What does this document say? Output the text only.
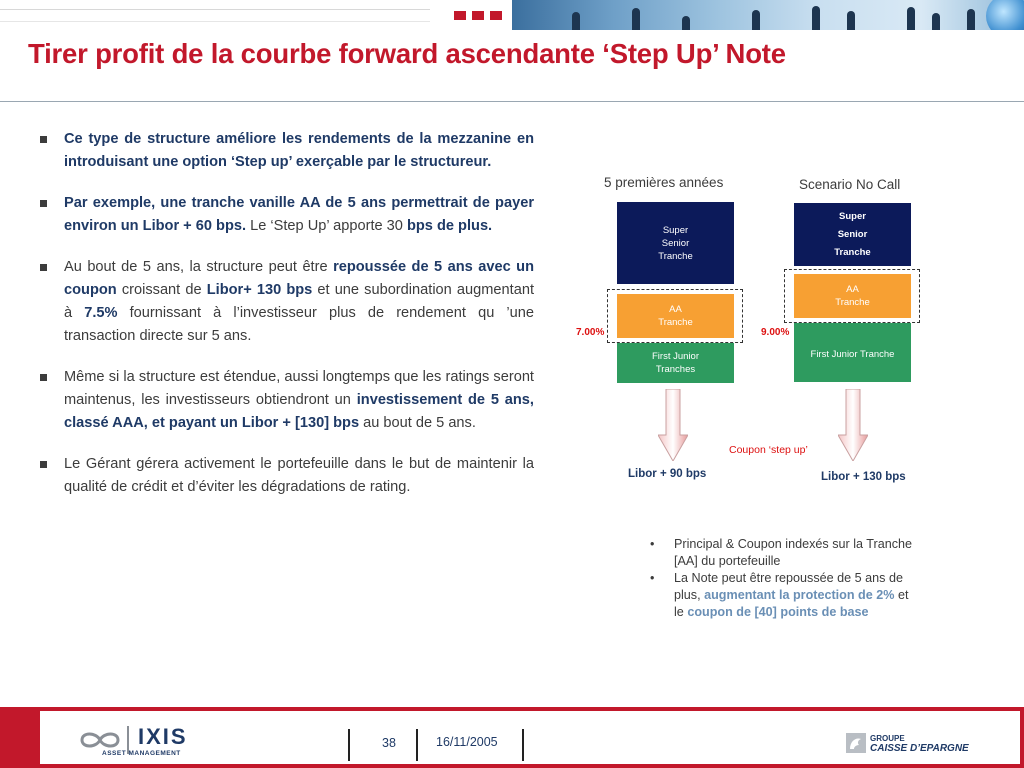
Tirer profit de la courbe forward ascendante ‘Step Up’ Note
Ce type de structure améliore les rendements de la mezzanine en introduisant une option ‘Step up’ exerçable par le structureur.
Par exemple, une tranche vanille AA de 5 ans permettrait de payer environ un Libor + 60 bps. Le ‘Step Up’ apporte 30 bps de plus.
Au bout de 5 ans, la structure peut être repoussée de 5 ans avec un coupon croissant de Libor+ 130 bps et une subordination augmentant à 7.5% fournissant à l’investisseur plus de rendement qu ’une transaction directe sur 5 ans.
Même si la structure est étendue, aussi longtemps que les ratings seront maintenus, les investisseurs obtiendront un investissement de 5 ans, classé AAA, et payant un Libor + [130] bps au bout de 5 ans.
Le Gérant gérera activement le portefeuille dans le but de maintenir la qualité de crédit et d’éviter les dégradations de rating.
5 premières années
Super
Senior
Tranche
AA
Tranche
First Junior
Tranches
7.00%
Libor + 90 bps
Scenario No Call
Super
Senior
Tranche
AA
Tranche
First Junior Tranche
9.00%
Libor + 130 bps
Coupon ‘step up’
• Principal & Coupon indexés sur la Tranche [AA] du portefeuille
• La Note peut être repoussée de 5 ans de plus, augmentant la protection de 2% et le coupon de [40] points de base
IXIS
ASSET MANAGEMENT
38	16/11/2005	GROUPE
CAISSE D’EPARGNE
